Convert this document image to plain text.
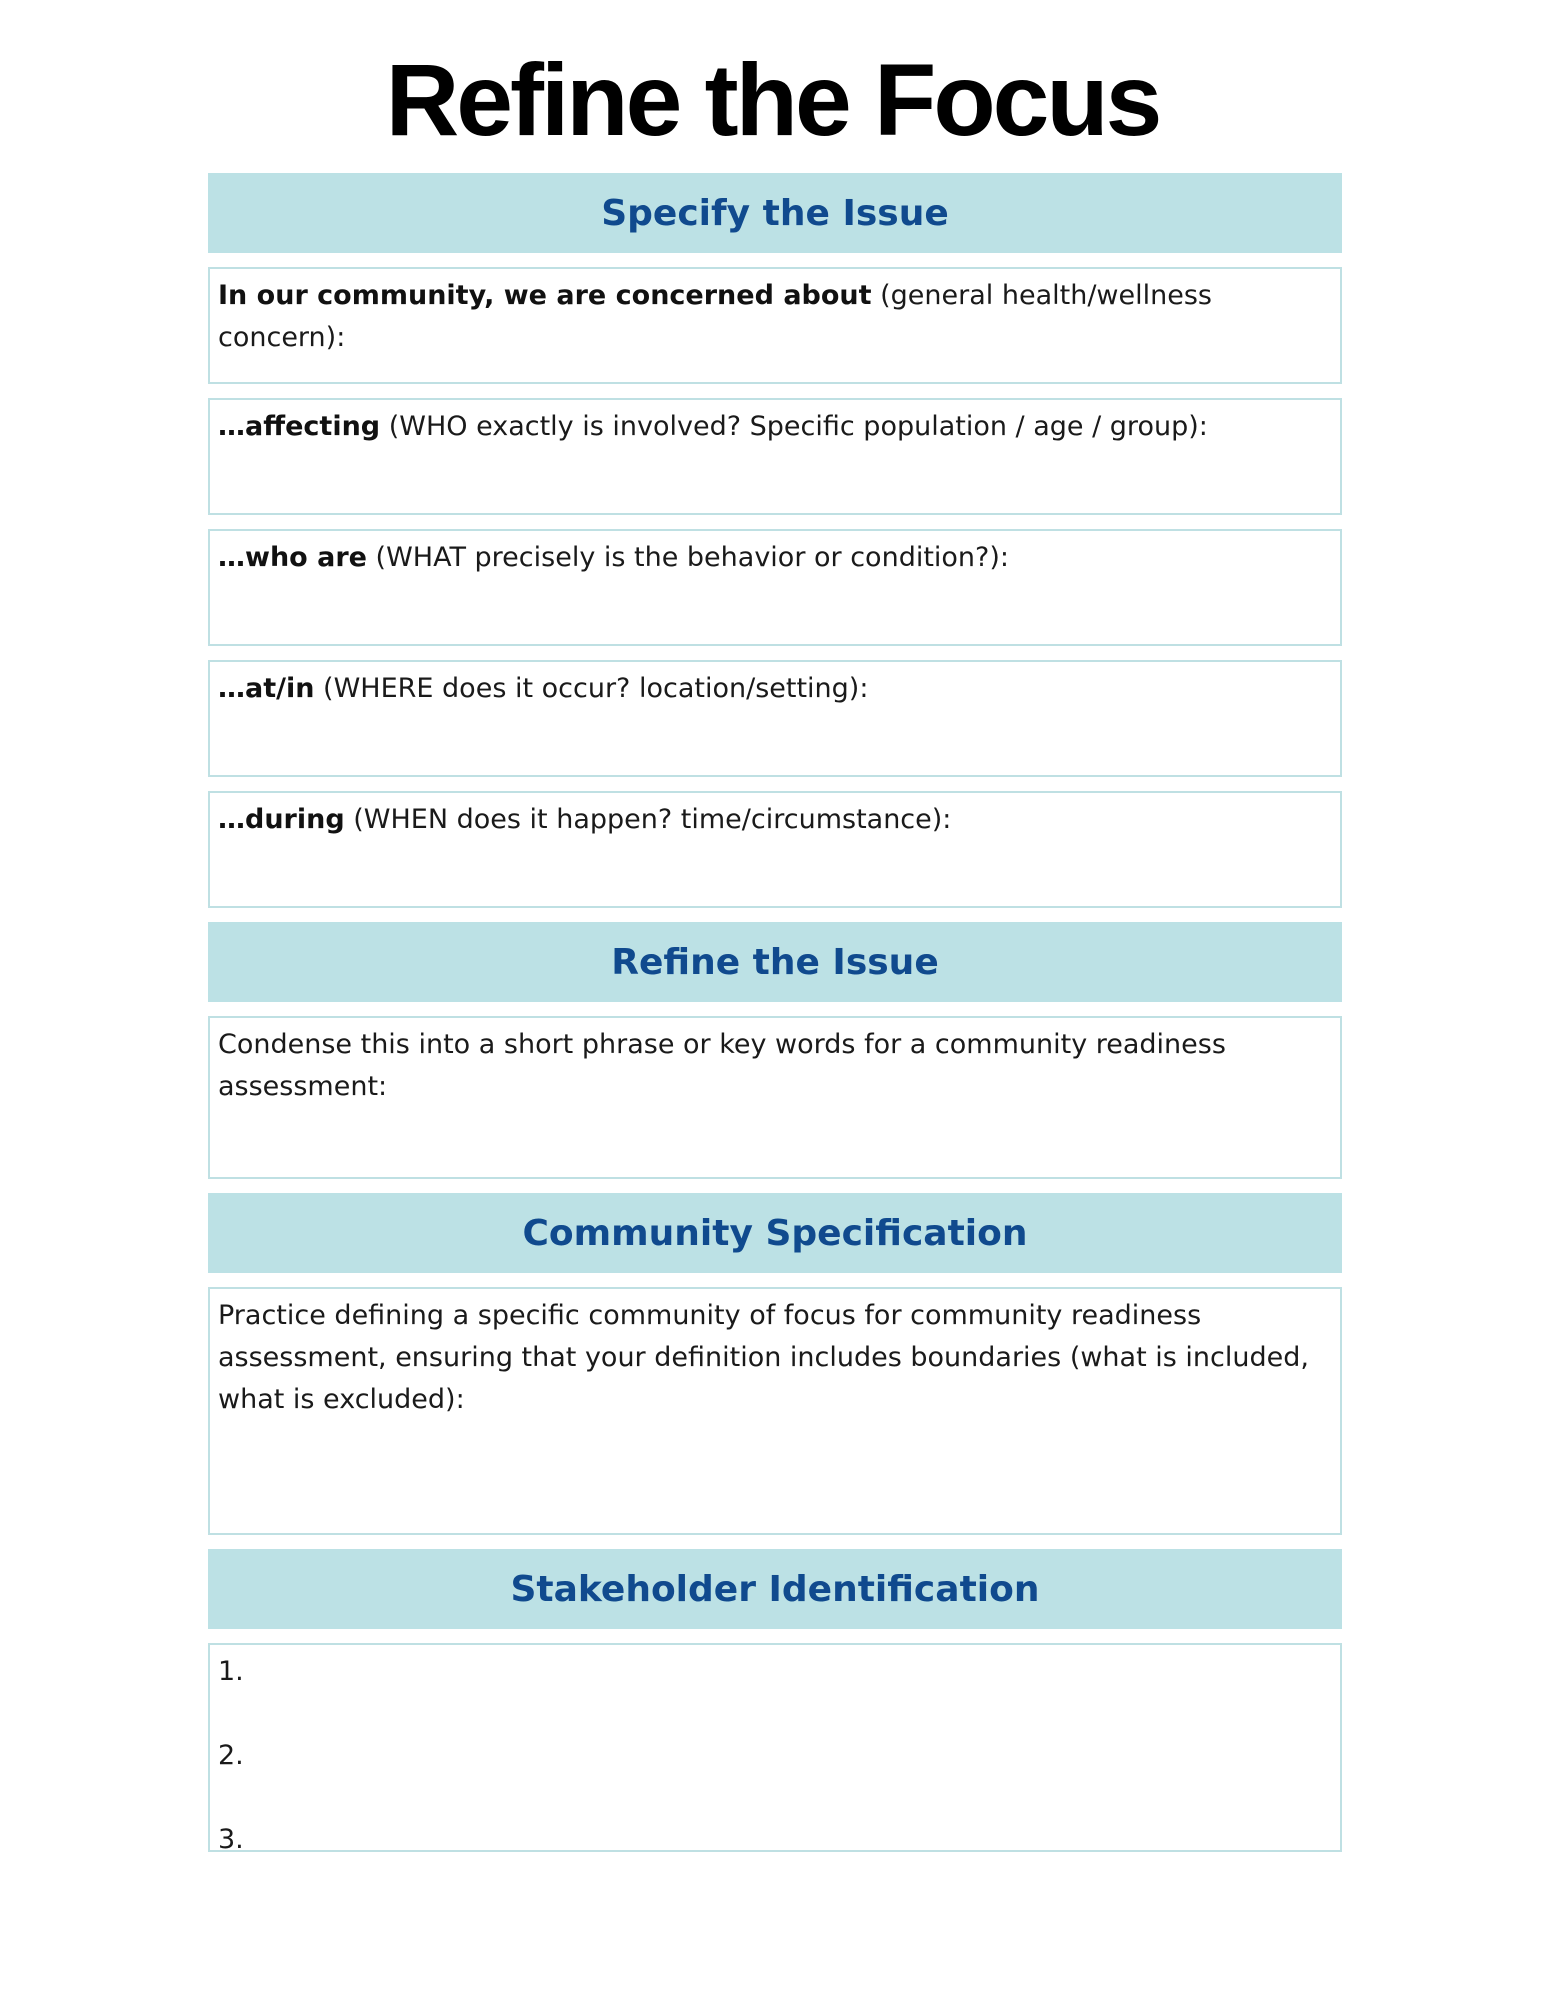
Refine the Focus
Specify the Issue
In our community, we are concerned about (general health/wellness concern):
…affecting (WHO exactly is involved? Specific population / age / group):
…who are (WHAT precisely is the behavior or condition?):
…at/in (WHERE does it occur? location/setting):
…during (WHEN does it happen? time/circumstance):
Refine the Issue
Condense this into a short phrase or key words for a community readiness assessment:
Community Specification
Practice defining a specific community of focus for community readiness assessment, ensuring that your definition includes boundaries (what is included, what is excluded):
Stakeholder Identification
1.
2.
3.
